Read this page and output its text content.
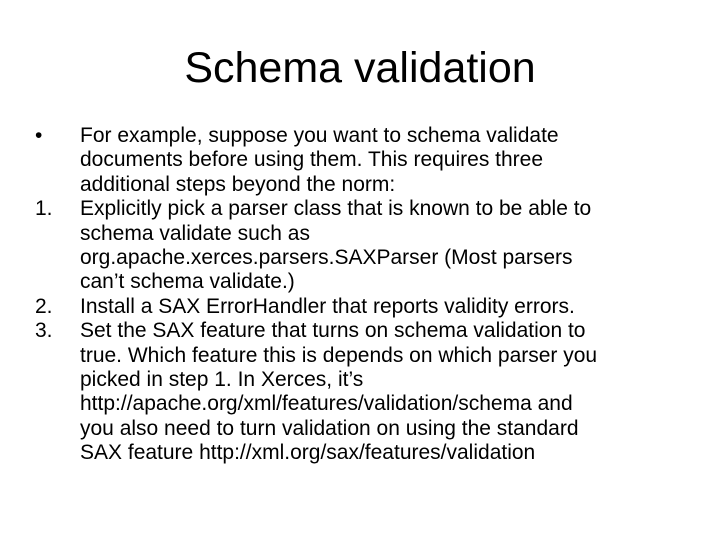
Schema validation
•	For example, suppose you want to schema validate
documents before using them. This requires three
additional steps beyond the norm:
1.	Explicitly pick a parser class that is known to be able to
schema validate such as
org.apache.xerces.parsers.SAXParser (Most parsers
can’t schema validate.)
2.	Install a SAX ErrorHandler that reports validity errors.
3.	Set the SAX feature that turns on schema validation to
true. Which feature this is depends on which parser you
picked in step 1. In Xerces, it’s
http://apache.org/xml/features/validation/schema and
you also need to turn validation on using the standard
SAX feature http://xml.org/sax/features/validation
